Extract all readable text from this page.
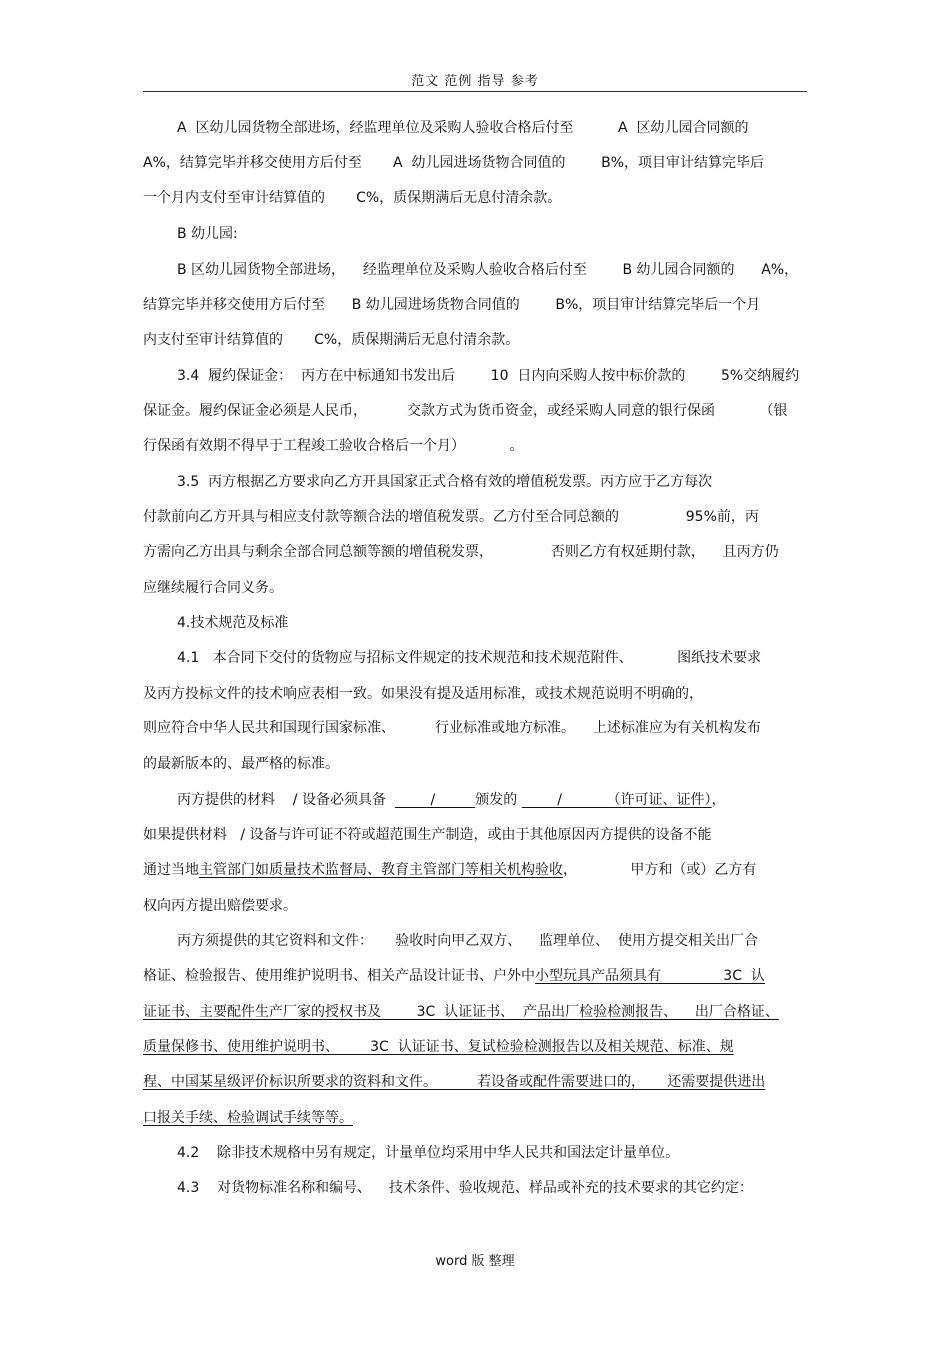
范文 范例 指导 参考
A  区幼儿园货物全部进场，经监理单位及采购人验收合格后付至          A  区幼儿园合同额的
A%，结算完毕并移交使用方后付至       A  幼儿园进场货物合同值的        B%，项目审计结算完毕后
一个月内支付至审计结算值的       C%，质保期满后无息付清余款。
B 幼儿园:
B 区幼儿园货物全部进场，    经监理单位及采购人验收合格后付至        B 幼儿园合同额的      A%，
结算完毕并移交使用方后付至      B 幼儿园进场货物合同值的        B%，项目审计结算完毕后一个月
内支付至审计结算值的       C%，质保期满后无息付清余款。
3.4  履约保证金：  丙方在中标通知书发出后        10  日内向采购人按中标价款的        5%交纳履约
保证金。履约保证金必须是人民币，         交款方式为货币资金，或经采购人同意的银行保函          （银
行保函有效期不得早于工程竣工验收合格后一个月）          。
3.5  丙方根据乙方要求向乙方开具国家正式合格有效的增值税发票。丙方应于乙方每次
付款前向乙方开具与相应支付款等额合法的增值税发票。乙方付至合同总额的               95%前，丙
方需向乙方出具与剩余全部合同总额等额的增值税发票，             否则乙方有权延期付款，    且丙方仍
应继续履行合同义务。
4.技术规范及标准
4.1   本合同下交付的货物应与招标文件规定的技术规范和技术规范附件、          图纸技术要求
及丙方投标文件的技术响应表相一致。如果没有提及适用标准，或技术规范说明不明确的，
则应符合中华人民共和国现行国家标准、         行业标准或地方标准。    上述标准应为有关机构发布
的最新版本的、最严格的标准。
丙方提供的材料    / 设备必须具备          /         颁发的         /          （许可证、证件），
如果提供材料   / 设备与许可证不符或超范围生产制造，或由于其他原因丙方提供的设备不能
通过当地主管部门如质量技术监督局、教育主管部门等相关机构验收，            甲方和（或）乙方有
权向丙方提出赔偿要求。
丙方须提供的其它资料和文件：     验收时向甲乙双方、    监理单位、  使用方提交相关出厂合
格证、检验报告、使用维护说明书、相关产品设计证书、户外中小型玩具产品须具有              3C  认
证证书、主要配件生产厂家的授权书及        3C  认证证书、  产品出厂检验检测报告、    出厂合格证、
质量保修书、使用维护说明书、       3C  认证证书、复试检验检测报告以及相关规范、标准、规
程、中国某星级评价标识所要求的资料和文件。         若设备或配件需要进口的，     还需要提供进出
口报关手续、检验调试手续等等。
4.2    除非技术规格中另有规定，计量单位均采用中华人民共和国法定计量单位。
4.3    对货物标准名称和编号、    技术条件、验收规范、样品或补充的技术要求的其它约定：
word 版 整理
